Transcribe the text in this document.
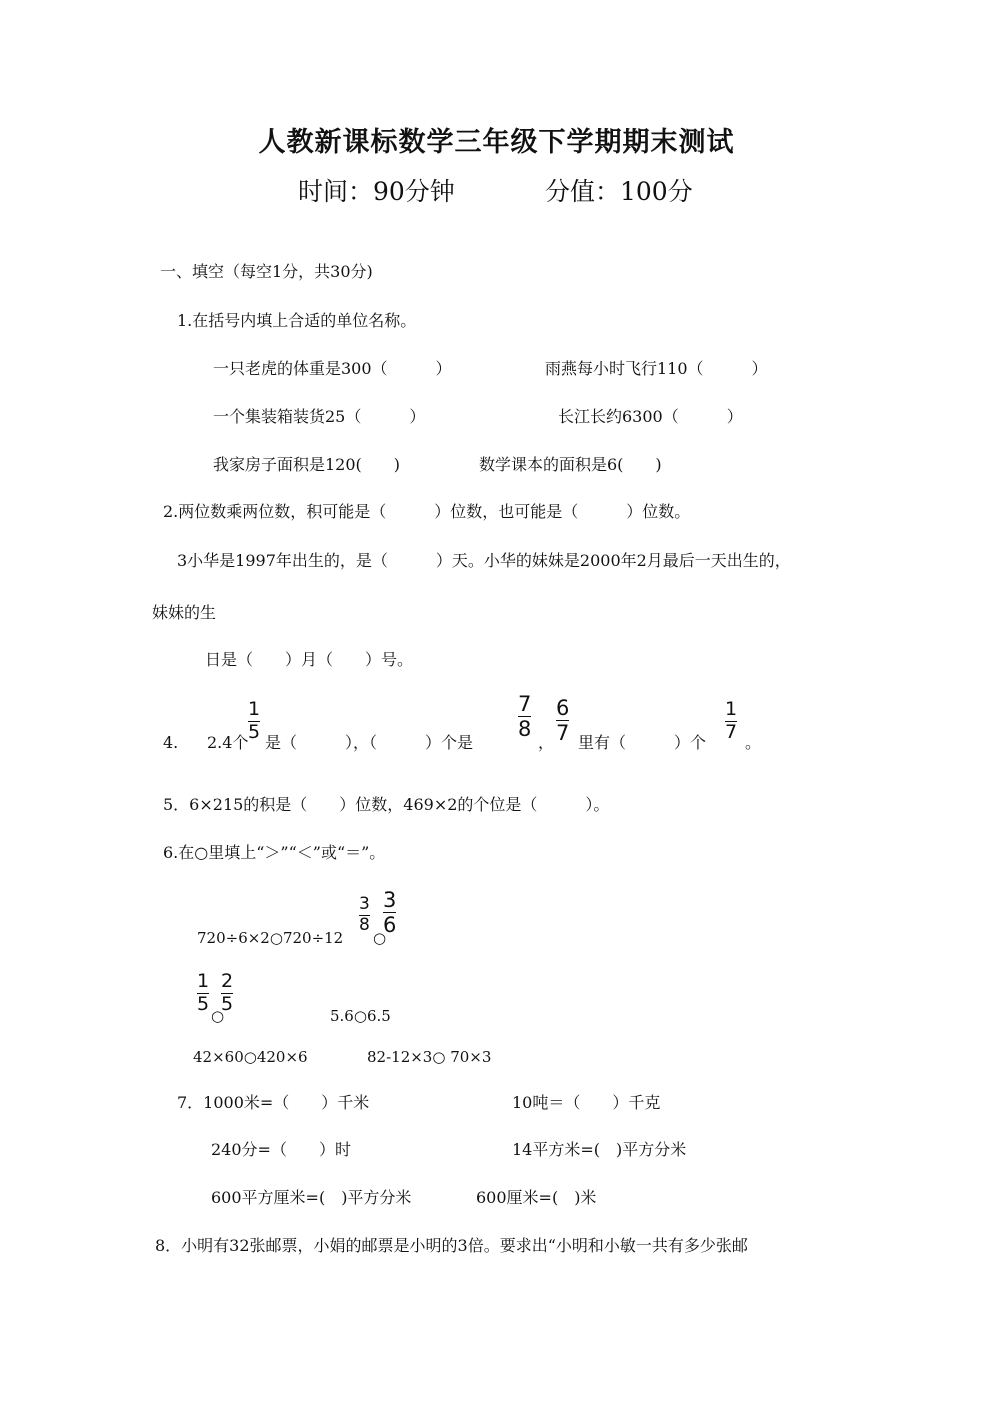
人教新课标数学三年级下学期期末测试
时间：90分钟	分值：100分
一、填空（每空1分，共30分)
1.在括号内填上合适的单位名称。
一只老虎的体重是300（　　　）	雨燕每小时飞行110（　　　）
一个集装箱装货25（　　　）	长江长约6300（　　　）
我家房子面积是120(　　)	数学课本的面积是6(　　)
2.两位数乘两位数，积可能是（　　　）位数，也可能是（　　　）位数。
3小华是1997年出生的，是（　　　）天。小华的妹妹是2000年2月最后一天出生的，
妹妹的生
日是（　　）月（　　）号。
4. 2.4个
1
5 是（　　　），（　　　）个是
7
8
，
6
7 里有（　　　）个
1
7 。
5．6×215的积是（　　）位数，469×2的个位是（　　　）。
6.在○里填上“＞”“＜”或“＝”。
720÷6×2○720÷12
3
8
○
3
6
1
5
○
2
5
5.6○6.5
42×60○420×6	82-12×3○ 70×3
7．1000米=（　　）千米	10吨＝（　　）千克
240分=（　　）时	14平方米=(　)平方分米
600平方厘米=(　)平方分米	600厘米=(　)米
8．小明有32张邮票，小娟的邮票是小明的3倍。要求出“小明和小敏一共有多少张邮
